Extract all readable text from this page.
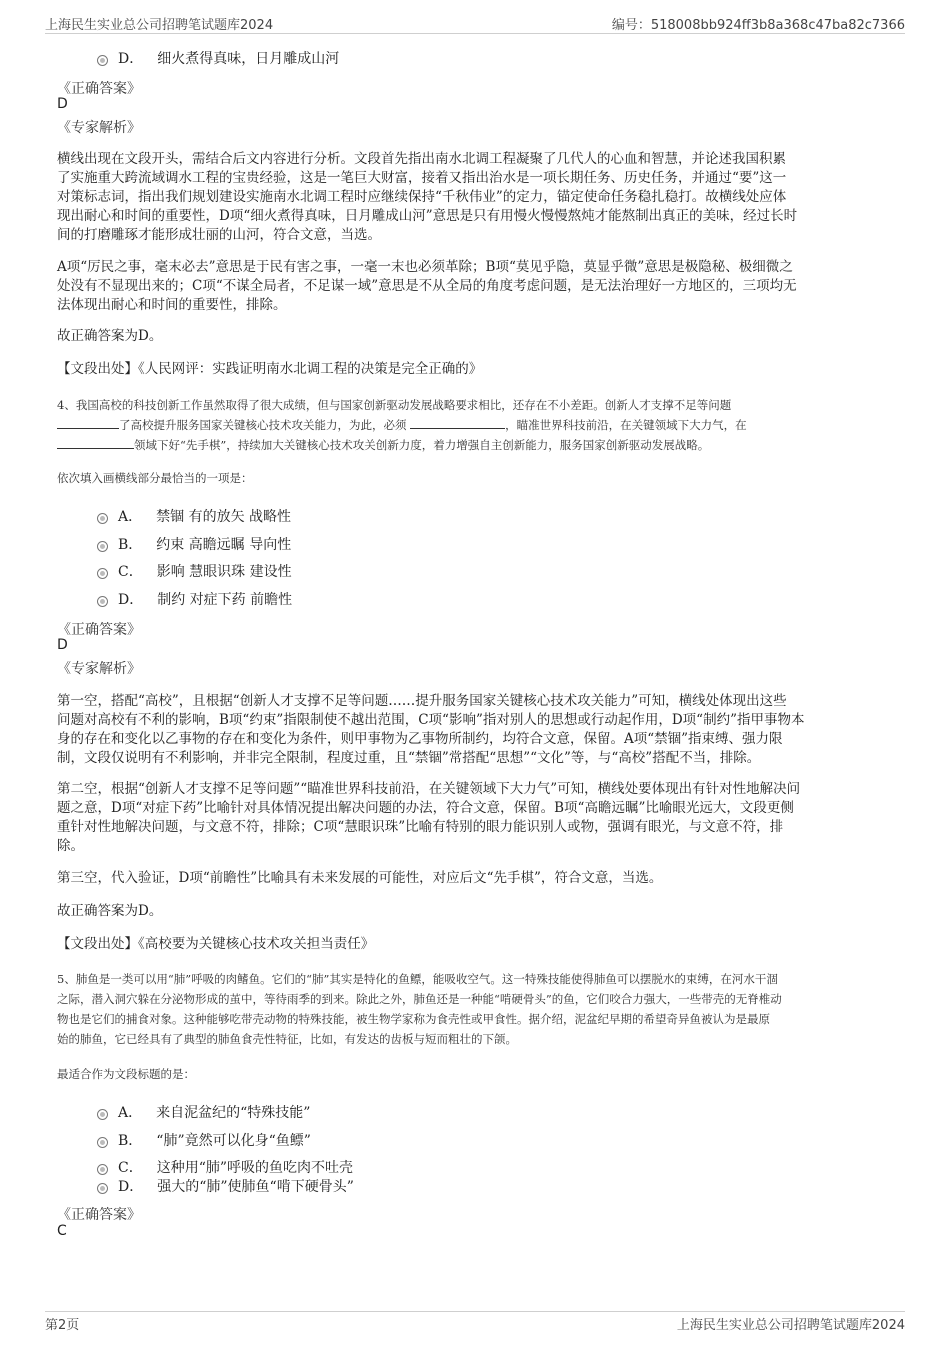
上海民生实业总公司招聘笔试题库2024	编号：518008bb924ff3b8a368c47ba82c7366
D． 细火煮得真味，日月雕成山河
《正确答案》
D
《专家解析》
横线出现在文段开头，需结合后文内容进行分析。文段首先指出南水北调工程凝聚了几代人的心血和智慧，并论述我国积累
了实施重大跨流域调水工程的宝贵经验，这是一笔巨大财富，接着又指出治水是一项长期任务、历史任务，并通过“要”这一
对策标志词，指出我们规划建设实施南水北调工程时应继续保持“千秋伟业”的定力，锚定使命任务稳扎稳打。故横线处应体
现出耐心和时间的重要性，D项“细火煮得真味，日月雕成山河”意思是只有用慢火慢慢熬炖才能熬制出真正的美味，经过长时
间的打磨雕琢才能形成壮丽的山河，符合文意，当选。
A项“厉民之事，毫末必去”意思是于民有害之事，一毫一末也必须革除；B项“莫见乎隐，莫显乎微”意思是极隐秘、极细微之
处没有不显现出来的；C项“不谋全局者，不足谋一域”意思是不从全局的角度考虑问题，是无法治理好一方地区的，三项均无
法体现出耐心和时间的重要性，排除。
故正确答案为D。
【文段出处】《人民网评：实践证明南水北调工程的决策是完全正确的》
4、我国高校的科技创新工作虽然取得了很大成绩，但与国家创新驱动发展战略要求相比，还存在不小差距。创新人才支撑不足等问题
了高校提升服务国家关键核心技术攻关能力，为此，必须	，瞄准世界科技前沿，在关键领域下大力气，在
领域下好“先手棋”，持续加大关键核心技术攻关创新力度，着力增强自主创新能力，服务国家创新驱动发展战略。
依次填入画横线部分最恰当的一项是：
A． 禁锢 有的放矢 战略性
B． 约束 高瞻远瞩 导向性
C． 影响 慧眼识珠 建设性
D． 制约 对症下药 前瞻性
《正确答案》
D
《专家解析》
第一空，搭配“高校”，且根据“创新人才支撑不足等问题……提升服务国家关键核心技术攻关能力”可知，横线处体现出这些
问题对高校有不利的影响，B项“约束”指限制使不越出范围，C项“影响”指对别人的思想或行动起作用，D项“制约”指甲事物本
身的存在和变化以乙事物的存在和变化为条件，则甲事物为乙事物所制约，均符合文意，保留。A项“禁锢”指束缚、强力限
制，文段仅说明有不利影响，并非完全限制，程度过重，且“禁锢”常搭配“思想”“文化”等，与“高校”搭配不当，排除。
第二空，根据“创新人才支撑不足等问题”“瞄准世界科技前沿，在关键领域下大力气”可知，横线处要体现出有针对性地解决问
题之意，D项“对症下药”比喻针对具体情况提出解决问题的办法，符合文意，保留。B项“高瞻远瞩”比喻眼光远大，文段更侧
重针对性地解决问题，与文意不符，排除；C项“慧眼识珠”比喻有特别的眼力能识别人或物，强调有眼光，与文意不符，排
除。
第三空，代入验证，D项“前瞻性”比喻具有未来发展的可能性，对应后文“先手棋”，符合文意，当选。
故正确答案为D。
【文段出处】《高校要为关键核心技术攻关担当责任》
5、肺鱼是一类可以用“肺”呼吸的肉鳍鱼。它们的“肺”其实是特化的鱼鳔，能吸收空气。这一特殊技能使得肺鱼可以摆脱水的束缚，在河水干涸
之际，潜入洞穴躲在分泌物形成的茧中，等待雨季的到来。除此之外，肺鱼还是一种能“啃硬骨头”的鱼，它们咬合力强大，一些带壳的无脊椎动
物也是它们的捕食对象。这种能够吃带壳动物的特殊技能，被生物学家称为食壳性或甲食性。据介绍，泥盆纪早期的希望奇异鱼被认为是最原
始的肺鱼，它已经具有了典型的肺鱼食壳性特征，比如，有发达的齿板与短而粗壮的下颌。
最适合作为文段标题的是：
A． 来自泥盆纪的“特殊技能”
B． “肺”竟然可以化身“鱼鳔”
C． 这种用“肺”呼吸的鱼吃肉不吐壳
D． 强大的“肺”使肺鱼“啃下硬骨头”
《正确答案》
C
第2页	上海民生实业总公司招聘笔试题库2024
